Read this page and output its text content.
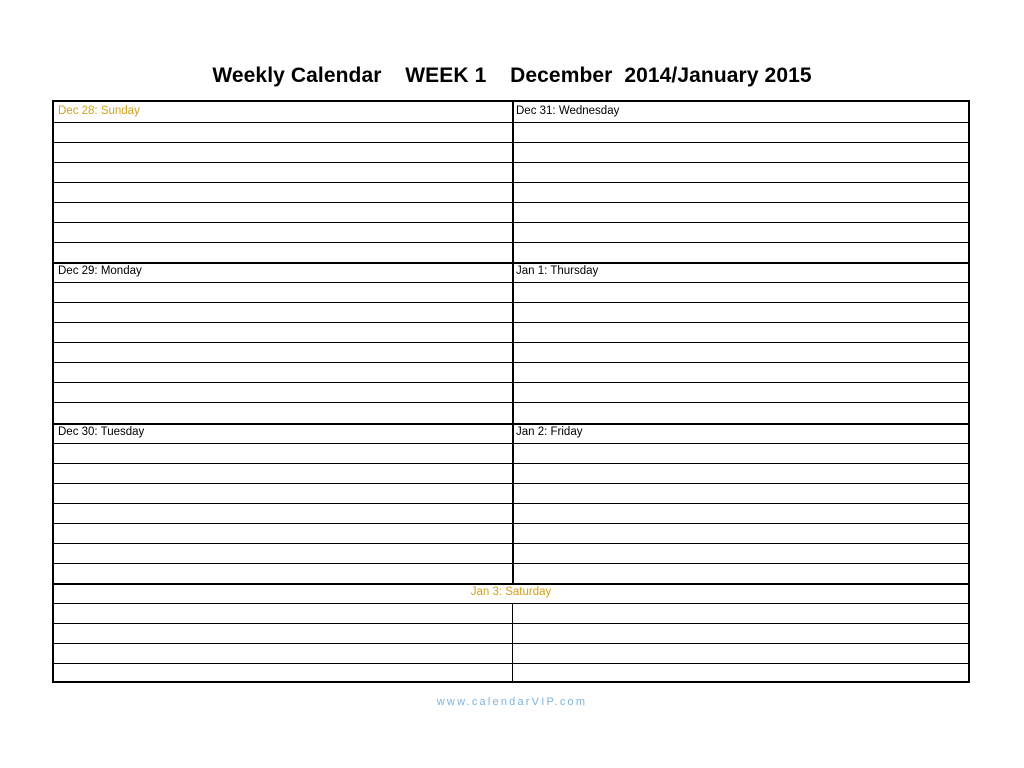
Weekly Calendar    WEEK 1    December  2014/January 2015
Dec 28: Sunday	Dec 31: Wednesday
Dec 29: Monday	Jan 1: Thursday
Dec 30: Tuesday	Jan 2: Friday
Jan 3: Saturday
www.calendarVIP.com
